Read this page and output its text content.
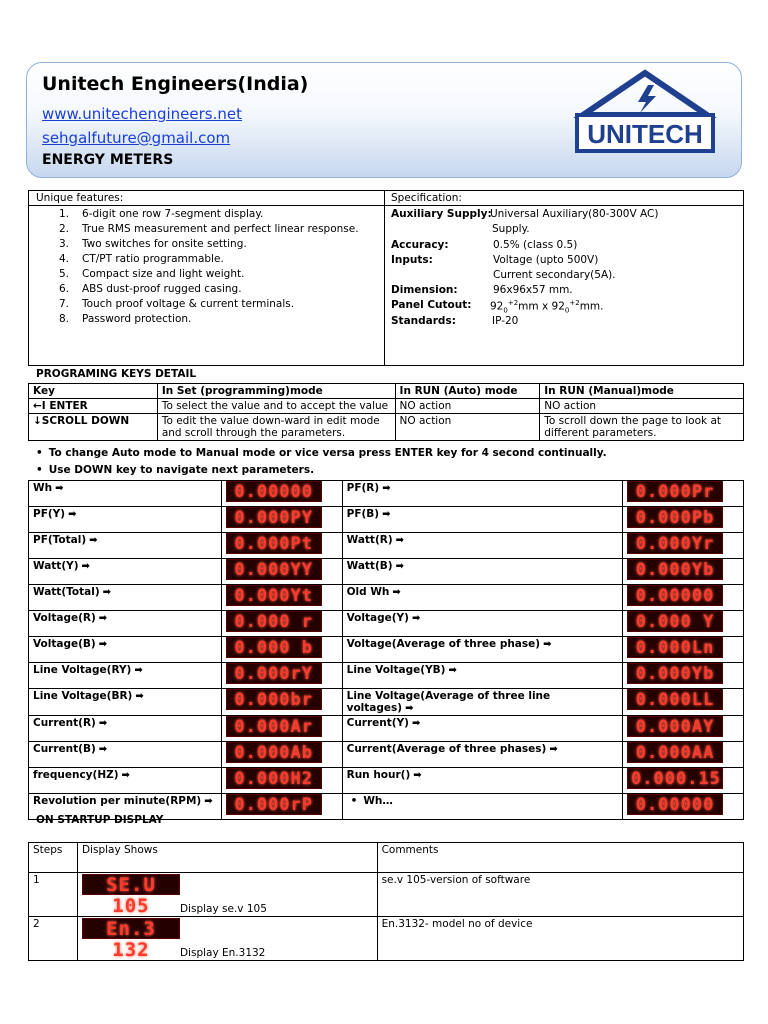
Unitech Engineers(India)
www.unitechengineers.net
sehgalfuture@gmail.com
ENERGY METERS
UNITECH
Unique features:	Specification:
1. 6-digit one row 7-segment display.
2. True RMS measurement and perfect linear response.
3. Two switches for onsite setting.
4. CT/PT ratio programmable.
5. Compact size and light weight.
6. ABS dust-proof rugged casing.
7. Touch proof voltage & current terminals.
8. Password protection.
Auxiliary Supply:
Universal Auxiliary(80-300V AC)
Supply.
Accuracy:	0.5% (class 0.5)
Inputs:	Voltage (upto 500V)
Current secondary(5A).
Dimension:	96x96x57 mm.
Panel Cutout: $92_0^{+2}mm$ x $92_0^{+2}mm$.
Standards:	IP-20
PROGRAMING KEYS DETAIL
Key	In Set (programming)mode	In RUN (Auto) mode	In RUN (Manual)mode
←I ENTER	To select the value and to accept the value	NO action	NO action
↓SCROLL DOWN	To edit the value down-ward in edit mode and scroll through the parameters.	NO action	To scroll down the page to look at different parameters.
• To change Auto mode to Manual mode or vice versa press ENTER key for 4 second continually.
• Use DOWN key to navigate next parameters.
Wh ➡	0.00000	PF(R) ➡	0.000Pr
PF(Y) ➡	0.000PY	PF(B) ➡	0.000Pb
PF(Total) ➡	0.000Pt	Watt(R) ➡	0.000Yr
Watt(Y) ➡	0.000YY	Watt(B) ➡	0.000Yb
Watt(Total) ➡	0.000Yt	Old Wh ➡	0.00000
Voltage(R) ➡	0.000 r	Voltage(Y) ➡	0.000 Y
Voltage(B) ➡	0.000 b	Voltage(Average of three phase) ➡	0.000Ln
Line Voltage(RY) ➡	0.000rY	Line Voltage(YB) ➡	0.000Yb
Line Voltage(BR) ➡	0.000br	Line Voltage(Average of three line voltages) ➡	0.000LL
Current(R) ➡	0.000Ar	Current(Y) ➡	0.000AY
Current(B) ➡	0.000Ab	Current(Average of three phases) ➡	0.000AA
frequency(HZ) ➡	0.000H2	Run hour() ➡	0.000.15
Revolution per minute(RPM) ➡	0.000rP	• Wh…	0.00000
ON STARTUP DISPLAY
Steps	Display Shows	Comments
1	SE.U 105 Display se.v 105	se.v 105-version of software
2	En.3 132 Display En.3132	En.3132- model no of device
